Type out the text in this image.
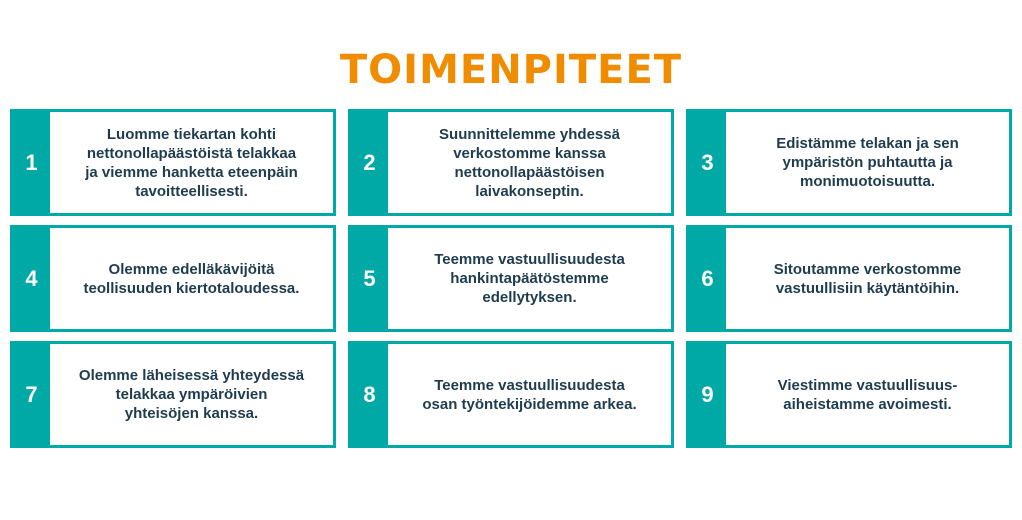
TOIMENPITEET
1
Luomme tiekartan kohti
nettonollapäästöistä telakkaa
ja viemme hanketta eteenpäin
tavoitteellisesti.
2
Suunnittelemme yhdessä
verkostomme kanssa
nettonollapäästöisen
laivakonseptin.
3
Edistämme telakan ja sen
ympäristön puhtautta ja
monimuotoisuutta.
4	Olemme edelläkävijöitä
teollisuuden kiertotaloudessa.	5
Teemme vastuullisuudesta
hankintapäätöstemme
edellytyksen.
6	Sitoutamme verkostomme
vastuullisiin käytäntöihin.
7
Olemme läheisessä yhteydessä
telakkaa ympäröivien
yhteisöjen kanssa.
8	Teemme vastuullisuudesta
osan työntekijöidemme arkea.	9	Viestimme vastuullisuus-
aiheistamme avoimesti.
